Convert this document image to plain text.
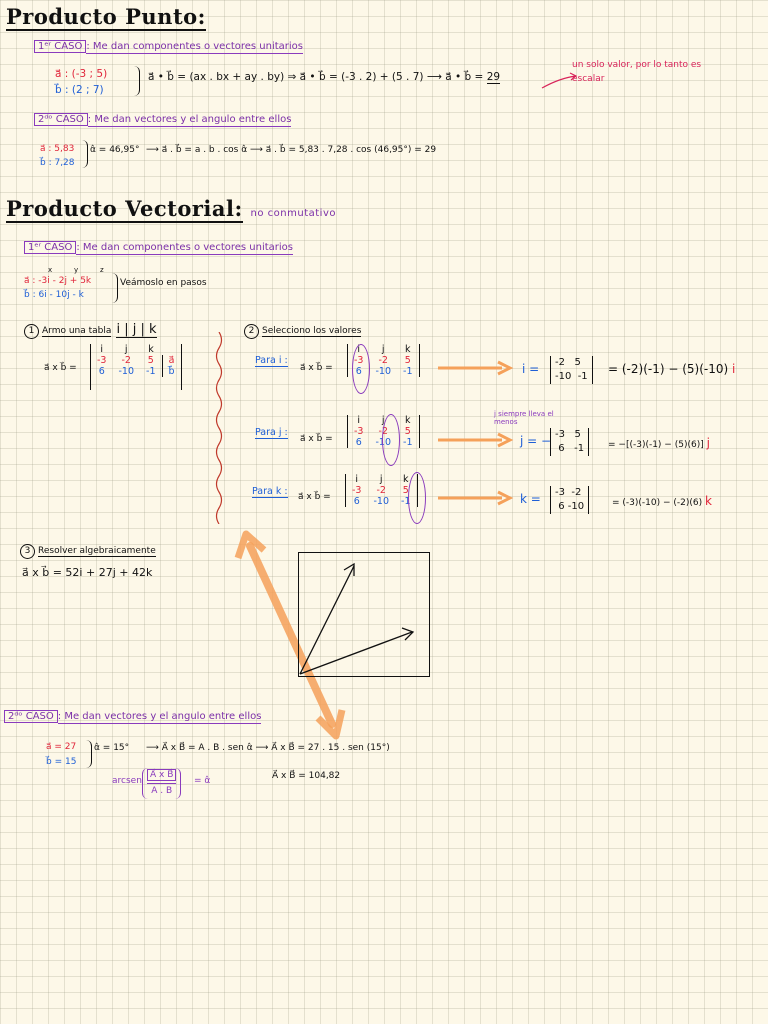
Producto Punto:
1ᵉʳ CASO : Me dan componentes o vectores unitarios
a⃗ : (-3 ; 5)
b⃗ : (2 ; 7)
a⃗ • b⃗ = (ax . bx + ay . by) ⇒ a⃗ • b⃗ = (-3 . 2) + (5 . 7) ⟶ a⃗ • b⃗ = 29
un solo valor, por lo tanto es escalar
2ᵈᵒ CASO : Me dan vectores y el angulo entre ellos
a⃗ : 5,83
b⃗ : 7,28
α̂ = 46,95° ⟶ a⃗ . b⃗ = a . b . cos α̂ ⟶ a⃗ . b⃗ = 5,83 . 7,28 . cos (46,95°) = 29
Producto Vectorial: no conmutativo
1ᵉʳ CASO : Me dan componentes o vectores unitarios
x	y	z
a⃗ : -3i - 2j + 5k
b⃗ : 6i - 10j - k
Veámoslo en pasos
1 Armo una tabla i | j | k
a⃗ x b⃗ =
i	j	k	
-3	-2	5	a⃗
6	-10	-1	b⃗
2 Selecciono los valores
Para i :
a⃗ x b⃗ =
i	j	k
-3	-2	5
6	-10	-1	i = -2 5
-10 -1
= (-2)(-1) − (5)(-10) i
Para j :
a⃗ x b⃗ =
i	j	k
-3	-2	5
6	-10	-1
j siempre lleva el menos
j = − -3 5
6 -1	= −[(-3)(-1) − (5)(6)] j
Para k : a⃗ x b⃗ =
i	j	k
-3	-2	5
6	-10	-1	k = -3 -2
6 -10	= (-3)(-10) − (-2)(6) k
3 Resolver algebraicamente
a⃗ x b⃗ = 52i + 27j + 42k
2ᵈᵒ CASO : Me dan vectores y el angulo entre ellos
a⃗ = 27
b⃗ = 15
α̂ = 15° ⟶ A⃗ x B⃗ = A . B . sen α̂ ⟶ A⃗ x B⃗ = 27 . 15 . sen (15°)
arcsen
A⃗ x B⃗
A . B
= α̂	A⃗ x B⃗ = 104,82
